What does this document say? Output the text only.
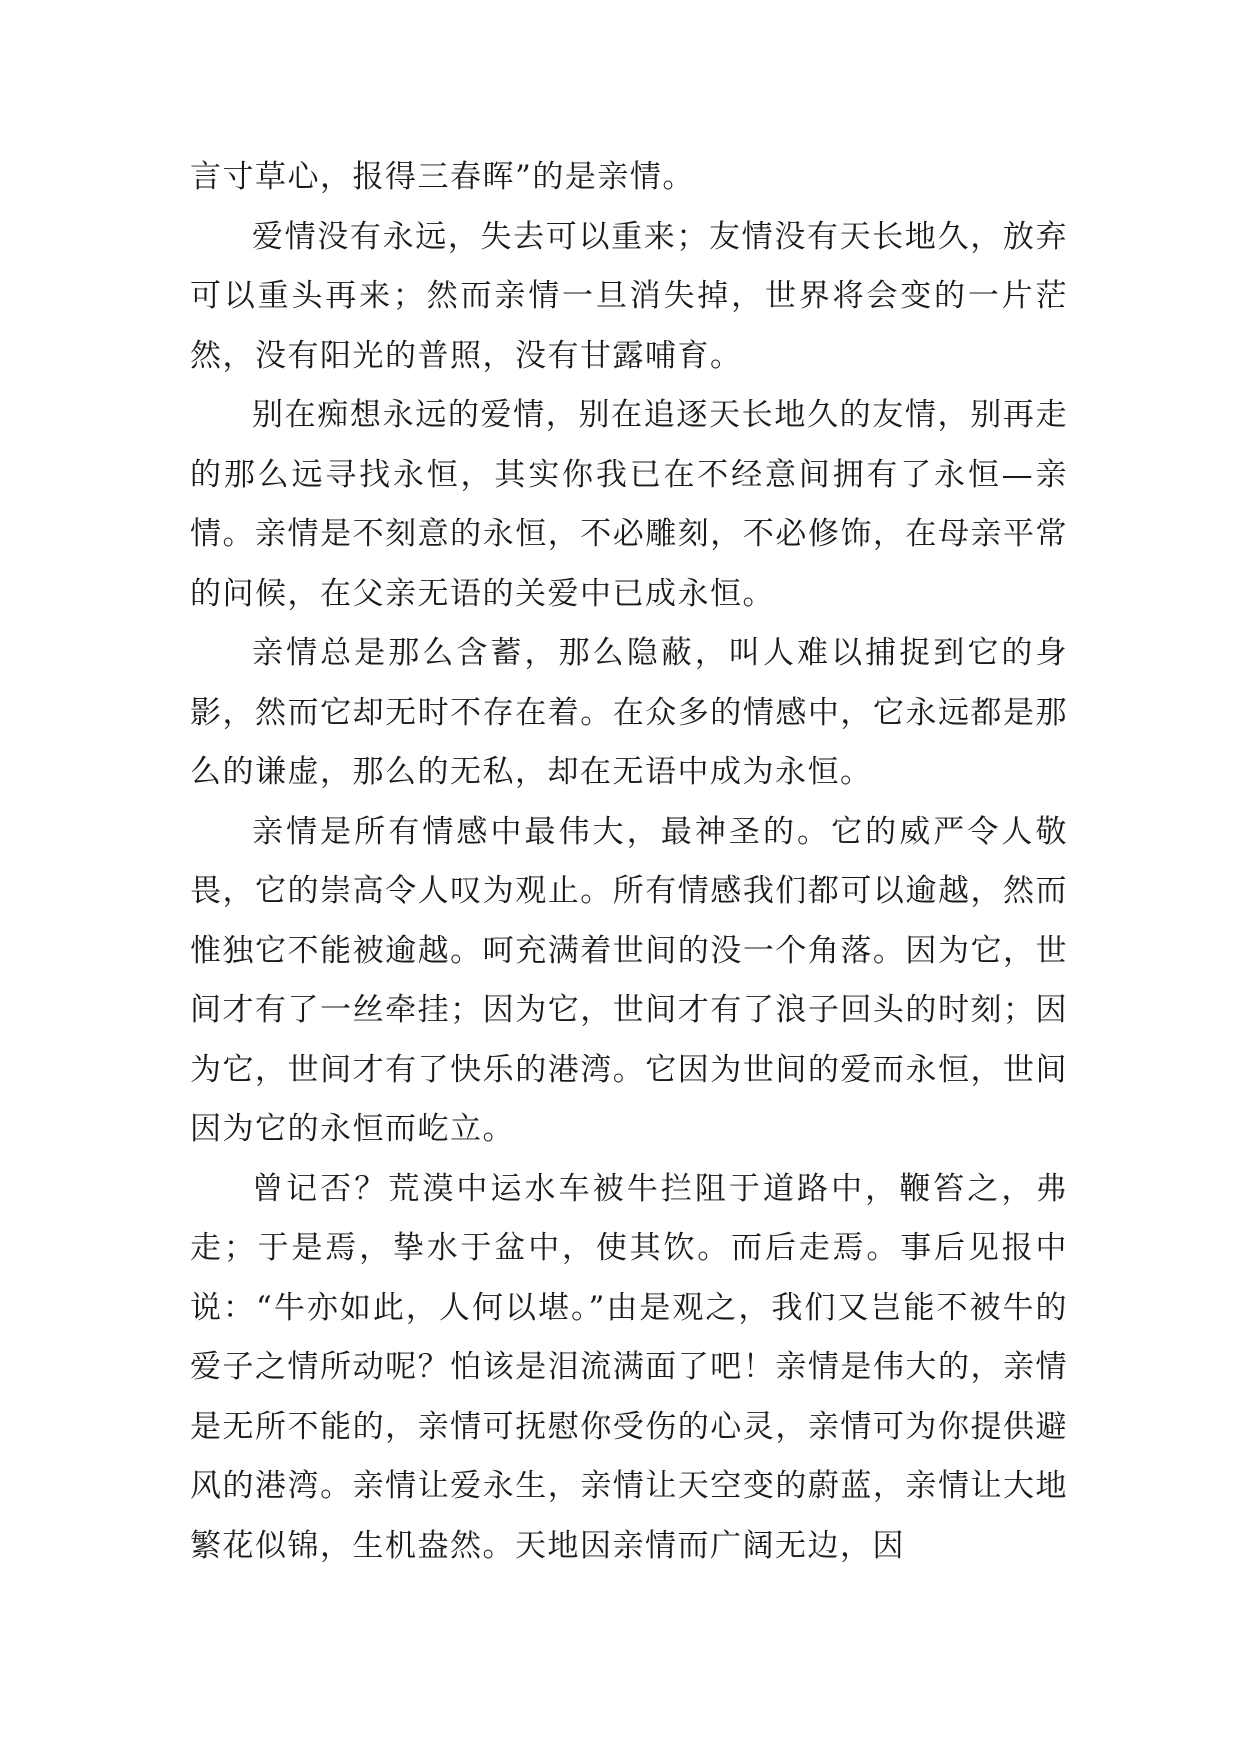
言寸草心，报得三春晖”的是亲情。

爱情没有永远，失去可以重来；友情没有天长地久，放弃可以重头再来；然而亲情一旦消失掉，世界将会变的一片茫然，没有阳光的普照，没有甘露哺育。

别在痴想永远的爱情，别在追逐天长地久的友情，别再走的那么远寻找永恒，其实你我已在不经意间拥有了永恒—亲情。亲情是不刻意的永恒，不必雕刻，不必修饰，在母亲平常的问候，在父亲无语的关爱中已成永恒。

亲情总是那么含蓄，那么隐蔽，叫人难以捕捉到它的身影，然而它却无时不存在着。在众多的情感中，它永远都是那么的谦虚，那么的无私，却在无语中成为永恒。

亲情是所有情感中最伟大，最神圣的。它的威严令人敬畏，它的崇高令人叹为观止。所有情感我们都可以逾越，然而惟独它不能被逾越。呵充满着世间的没一个角落。因为它，世间才有了一丝牵挂；因为它，世间才有了浪子回头的时刻；因为它，世间才有了快乐的港湾。它因为世间的爱而永恒，世间因为它的永恒而屹立。

曾记否？荒漠中运水车被牛拦阻于道路中，鞭笞之，弗走；于是焉，挚水于盆中，使其饮。而后走焉。事后见报中说：“牛亦如此，人何以堪。”由是观之，我们又岂能不被牛的爱子之情所动呢？怕该是泪流满面了吧！亲情是伟大的，亲情是无所不能的，亲情可抚慰你受伤的心灵，亲情可为你提供避风的港湾。亲情让爱永生，亲情让天空变的蔚蓝，亲情让大地繁花似锦，生机盎然。天地因亲情而广阔无边，因
